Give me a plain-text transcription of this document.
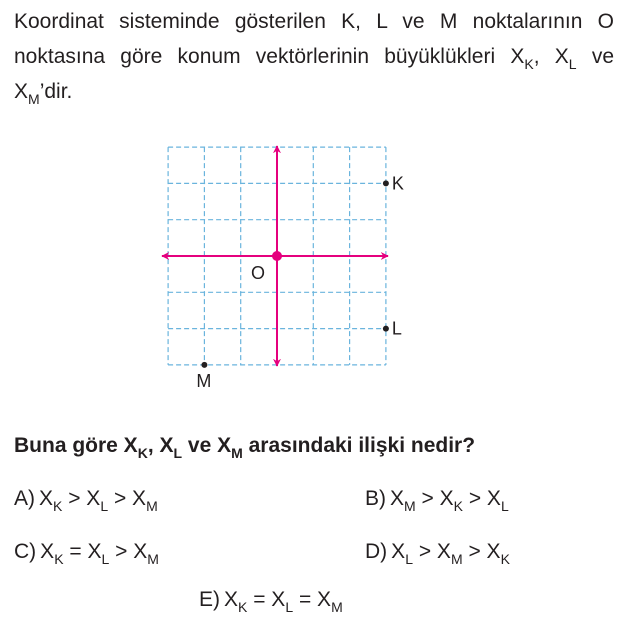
Koordinat sisteminde gösterilen K, L ve M noktalarının O
noktasına göre konum vektörlerinin büyüklükleri $X_K$, $X_L$ ve
$X_M’dir$.

O
K
L
M

Buna göre $X_K$, $X_L$ ve $X_M$ arasındaki ilişki nedir?

A) $X_K > X_L > X_M$	B) $X_M > X_K > X_L$
C) $X_K = X_L > X_M$	D) $X_L > X_M > X_K$
E) $X_K = X_L = X_M$
